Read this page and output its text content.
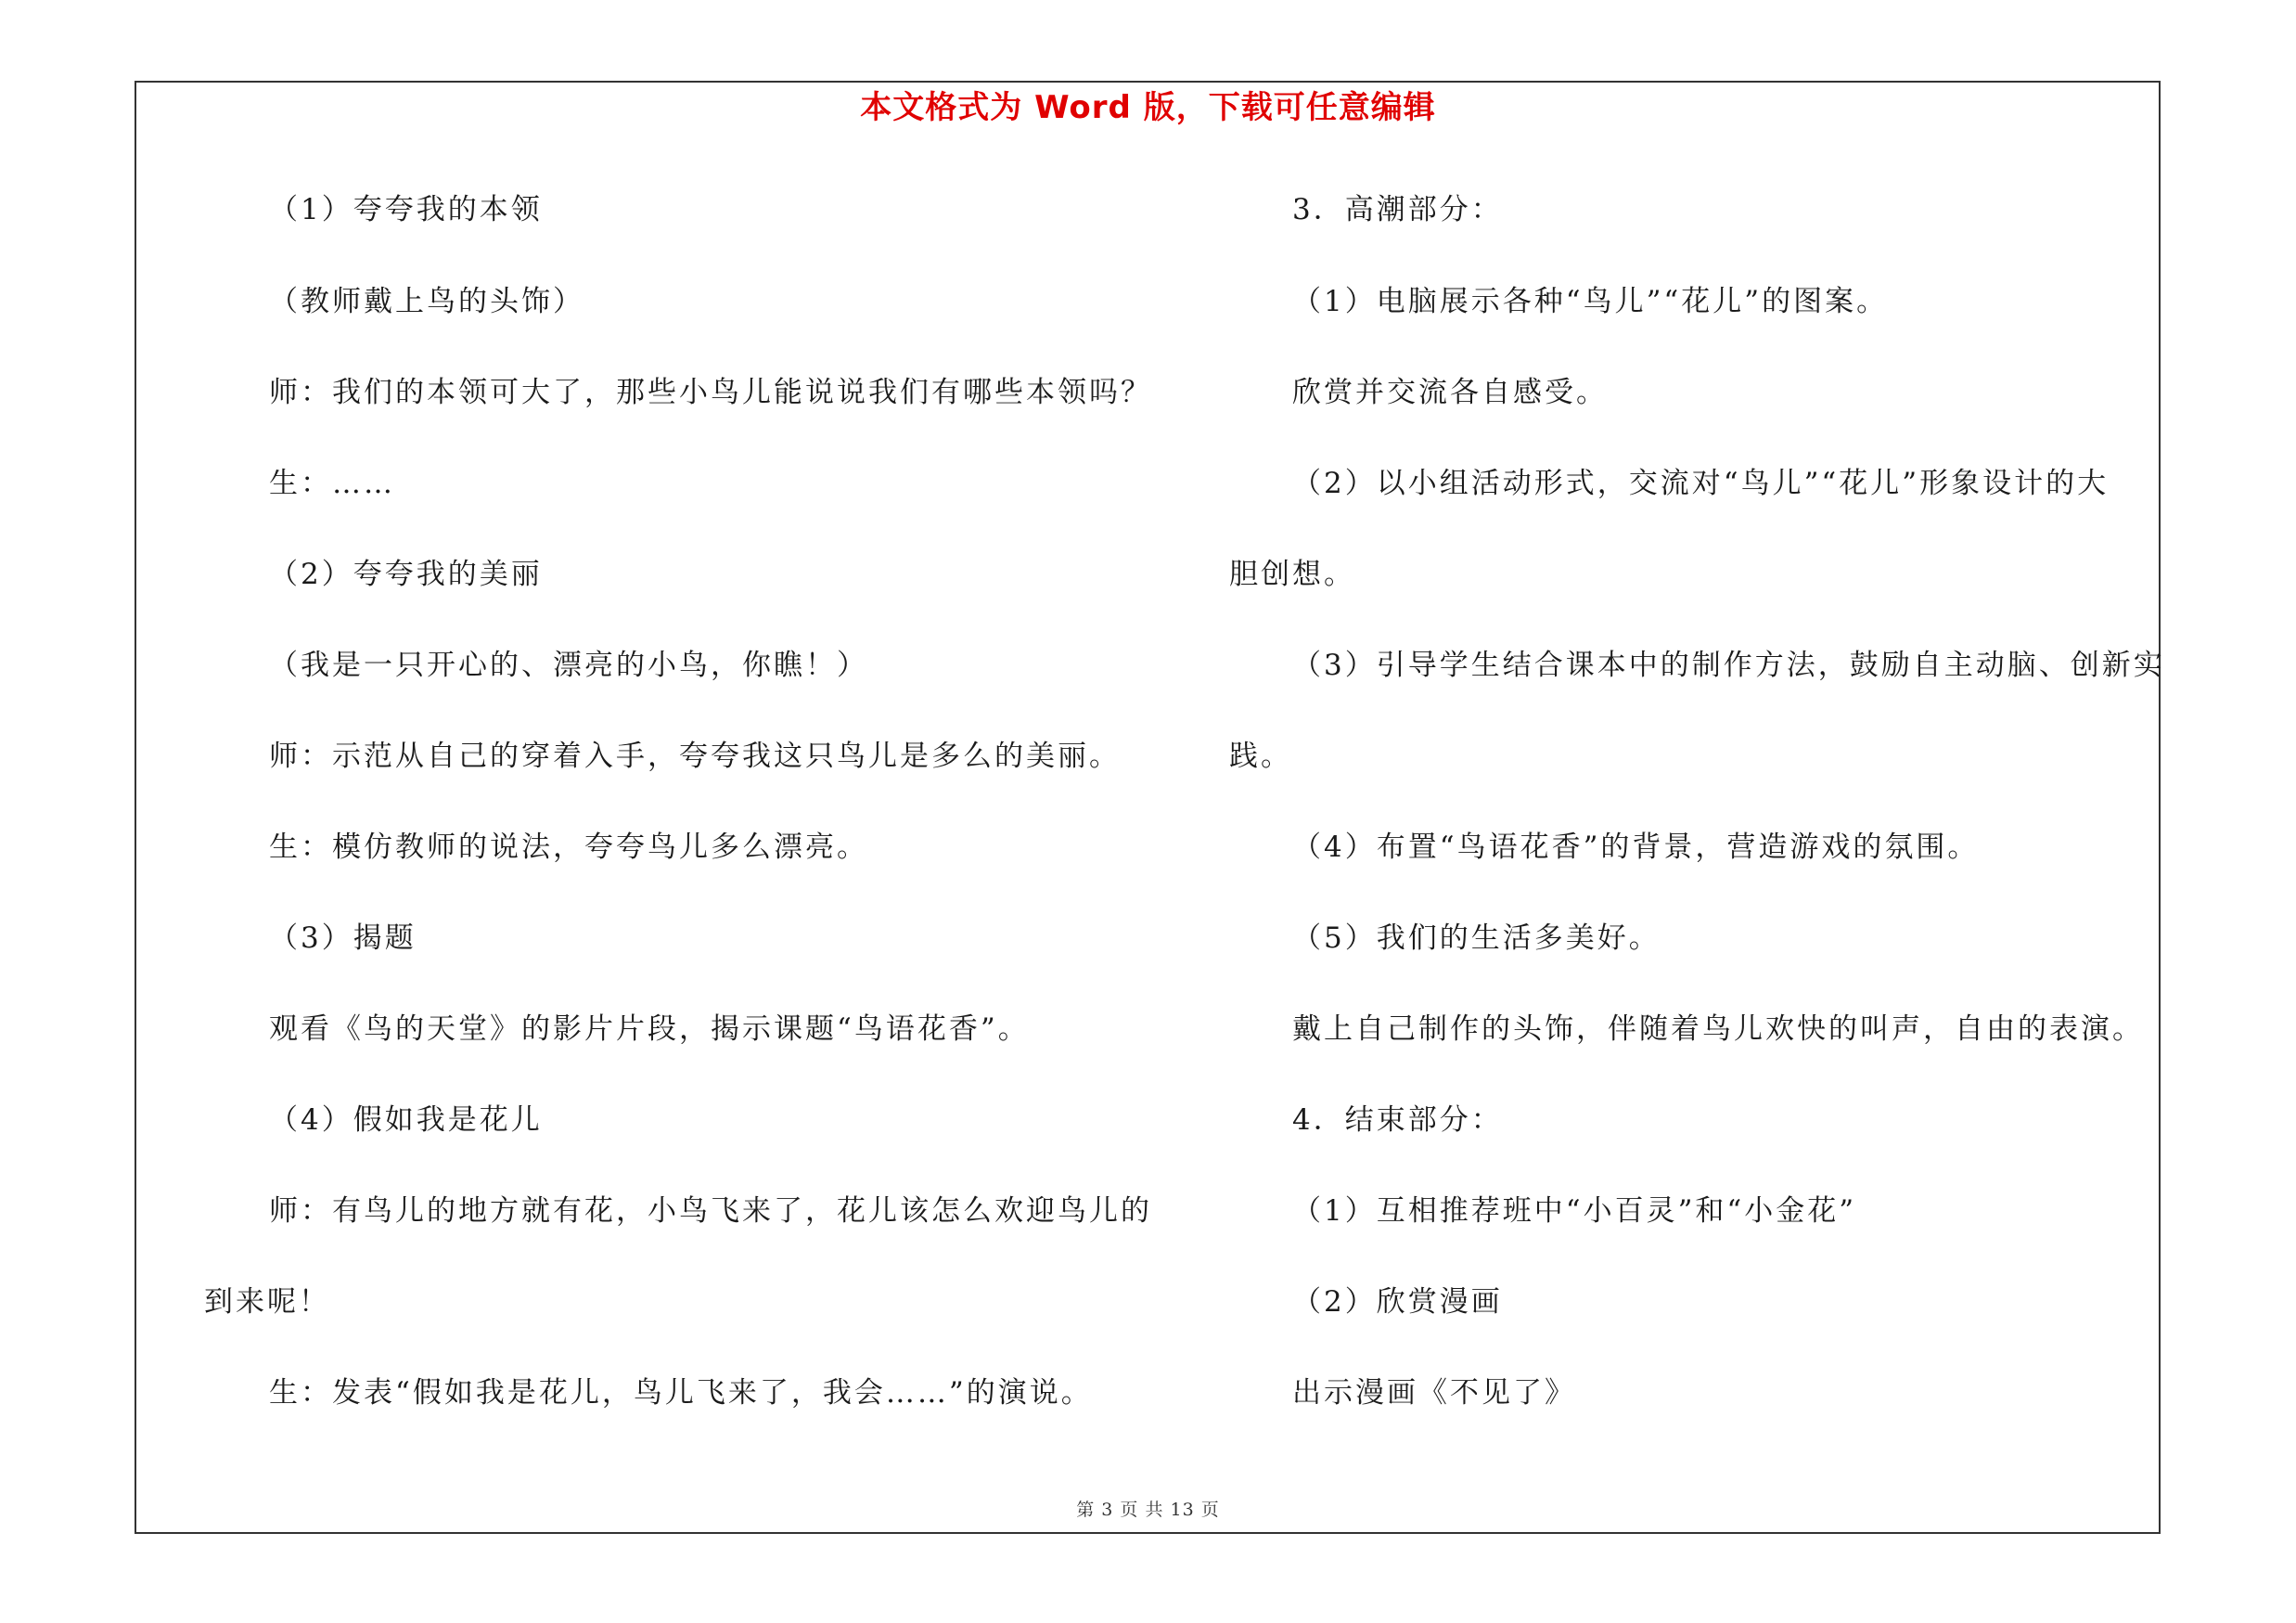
本文格式为 Word 版，下载可任意编辑
（1）夸夸我的本领
（教师戴上鸟的头饰）
师：我们的本领可大了，那些小鸟儿能说说我们有哪些本领吗？
生：……
（2）夸夸我的美丽
（我是一只开心的、漂亮的小鸟，你瞧！）
师：示范从自己的穿着入手，夸夸我这只鸟儿是多么的美丽。
生：模仿教师的说法，夸夸鸟儿多么漂亮。
（3）揭题
观看《鸟的天堂》的影片片段，揭示课题“鸟语花香”。
（4）假如我是花儿
师：有鸟儿的地方就有花，小鸟飞来了，花儿该怎么欢迎鸟儿的
到来呢！
生：发表“假如我是花儿，鸟儿飞来了，我会……”的演说。
3．高潮部分：
（1）电脑展示各种“鸟儿”“花儿”的图案。
欣赏并交流各自感受。
（2）以小组活动形式，交流对“鸟儿”“花儿”形象设计的大
胆创想。
（3）引导学生结合课本中的制作方法，鼓励自主动脑、创新实
践。
（4）布置“鸟语花香”的背景，营造游戏的氛围。
（5）我们的生活多美好。
戴上自己制作的头饰，伴随着鸟儿欢快的叫声，自由的表演。
4．结束部分：
（1）互相推荐班中“小百灵”和“小金花”
（2）欣赏漫画
出示漫画《不见了》
第 3 页 共 13 页
